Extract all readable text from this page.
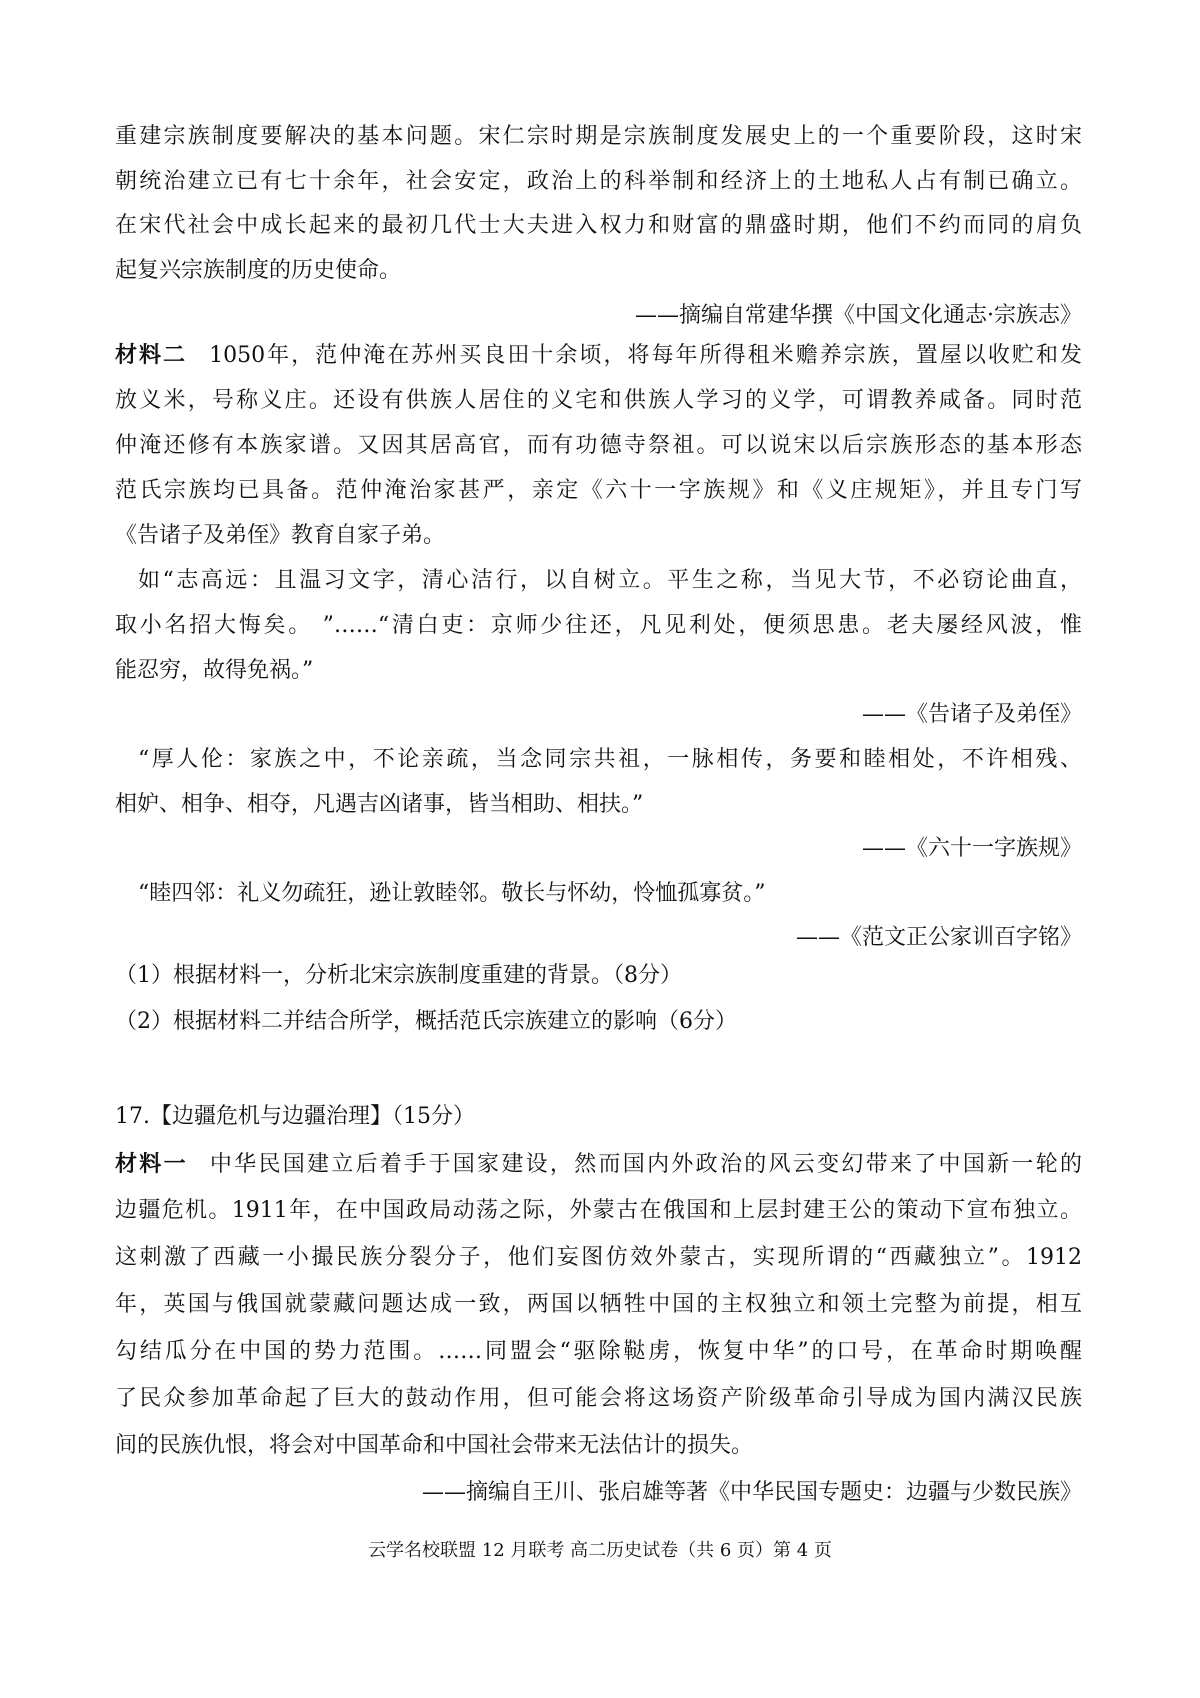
重建宗族制度要解决的基本问题。宋仁宗时期是宗族制度发展史上的一个重要阶段，这时宋
朝统治建立已有七十余年，社会安定，政治上的科举制和经济上的土地私人占有制已确立。
在宋代社会中成长起来的最初几代士大夫进入权力和财富的鼎盛时期，他们不约而同的肩负
起复兴宗族制度的历史使命。
——摘编自常建华撰《中国文化通志·宗族志》
材料二 1050年，范仲淹在苏州买良田十余顷，将每年所得租米赡养宗族，置屋以收贮和发
放义米，号称义庄。还设有供族人居住的义宅和供族人学习的义学，可谓教养咸备。同时范
仲淹还修有本族家谱。又因其居高官，而有功德寺祭祖。可以说宋以后宗族形态的基本形态
范氏宗族均已具备。范仲淹治家甚严，亲定《六十一字族规》和《义庄规矩》，并且专门写
《告诸子及弟侄》教育自家子弟。
如“志高远：且温习文字，清心洁行，以自树立。平生之称，当见大节，不必窃论曲直，
取小名招大悔矣。 ”……“清白吏：京师少往还，凡见利处，便须思患。老夫屡经风波，惟
能忍穷，故得免祸。”
——《告诸子及弟侄》
“厚人伦：家族之中，不论亲疏，当念同宗共祖，一脉相传，务要和睦相处，不许相残、
相妒、相争、相夺，凡遇吉凶诸事，皆当相助、相扶。”
——《六十一字族规》
“睦四邻：礼义勿疏狂，逊让敦睦邻。敬长与怀幼，怜恤孤寡贫。”
——《范文正公家训百字铭》
（1）根据材料一，分析北宋宗族制度重建的背景。（8分）
（2）根据材料二并结合所学，概括范氏宗族建立的影响（6分）
17.【边疆危机与边疆治理】（15分）
材料一 中华民国建立后着手于国家建设，然而国内外政治的风云变幻带来了中国新一轮的
边疆危机。1911年，在中国政局动荡之际，外蒙古在俄国和上层封建王公的策动下宣布独立。
这刺激了西藏一小撮民族分裂分子，他们妄图仿效外蒙古，实现所谓的“西藏独立”。1912
年，英国与俄国就蒙藏问题达成一致，两国以牺牲中国的主权独立和领土完整为前提，相互
勾结瓜分在中国的势力范围。……同盟会“驱除鞑虏，恢复中华”的口号，在革命时期唤醒
了民众参加革命起了巨大的鼓动作用，但可能会将这场资产阶级革命引导成为国内满汉民族
间的民族仇恨，将会对中国革命和中国社会带来无法估计的损失。
——摘编自王川、张启雄等著《中华民国专题史：边疆与少数民族》
云学名校联盟 12 月联考 高二历史试卷（共 6 页）第 4 页
